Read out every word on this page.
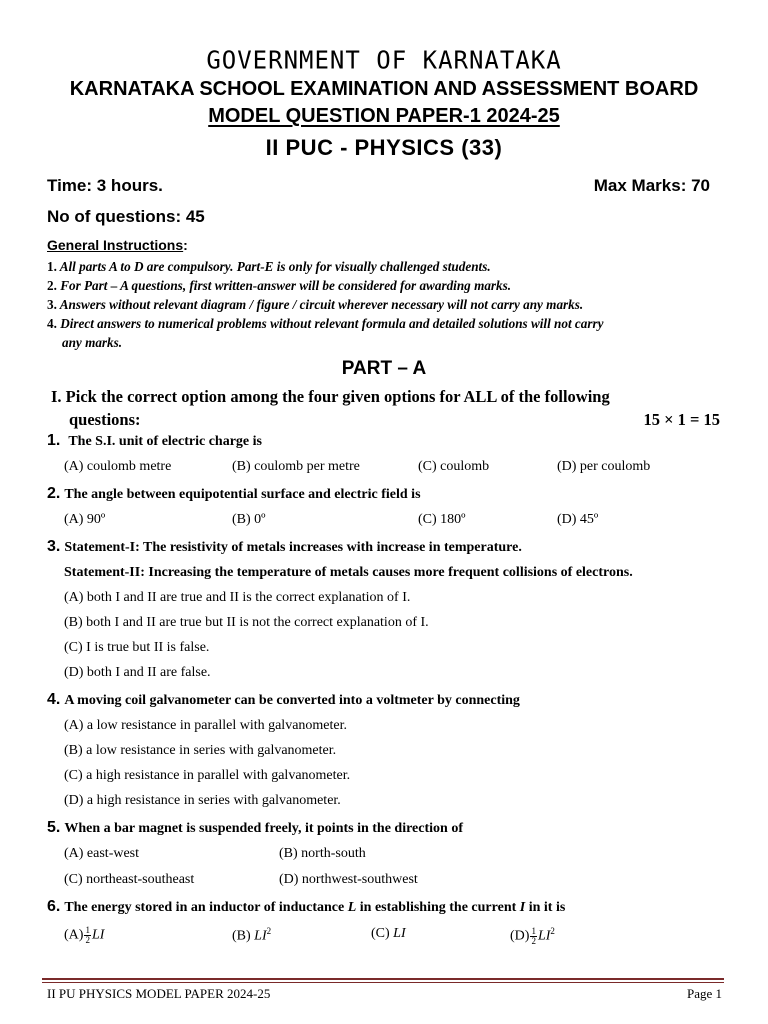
GOVERNMENT OF KARNATAKA
KARNATAKA SCHOOL EXAMINATION AND ASSESSMENT BOARD
MODEL QUESTION PAPER-1 2024-25
II PUC - PHYSICS (33)
Time: 3 hours.	Max Marks: 70
No of questions: 45
General Instructions:
1. All parts A to D are compulsory. Part-E is only for visually challenged students.
2. For Part – A questions, first written-answer will be considered for awarding marks.
3. Answers without relevant diagram / figure / circuit wherever necessary will not carry any marks.
4. Direct answers to numerical problems without relevant formula and detailed solutions will not carry
any marks.
PART – A
I. Pick the correct option among the four given options for ALL of the following
questions:	15 × 1 = 15
1. The S.I. unit of electric charge is
(A) coulomb metre	(B) coulomb per metre	(C) coulomb	(D) per coulomb
2. The angle between equipotential surface and electric field is
(A) 90º	(B) 0º	(C) 180º	(D) 45º
3. Statement-I: The resistivity of metals increases with increase in temperature.
Statement-II: Increasing the temperature of metals causes more frequent collisions of electrons.
(A) both I and II are true and II is the correct explanation of I.
(B) both I and II are true but II is not the correct explanation of I.
(C) I is true but II is false.
(D) both I and II are false.
4. A moving coil galvanometer can be converted into a voltmeter by connecting
(A) a low resistance in parallel with galvanometer.
(B) a low resistance in series with galvanometer.
(C) a high resistance in parallel with galvanometer.
(D) a high resistance in series with galvanometer.
5. When a bar magnet is suspended freely, it points in the direction of
(A) east-west	(B) north-south
(C) northeast-southeast	(D) northwest-southwest
6. The energy stored in an inductor of inductance L in establishing the current I in it is
$(A) \frac{1}{2}$ LI	(B) $LI^2$	(C) LI	$(D) \frac{1}{2} LI^2$
II PU PHYSICS MODEL PAPER 2024-25	Page 1
